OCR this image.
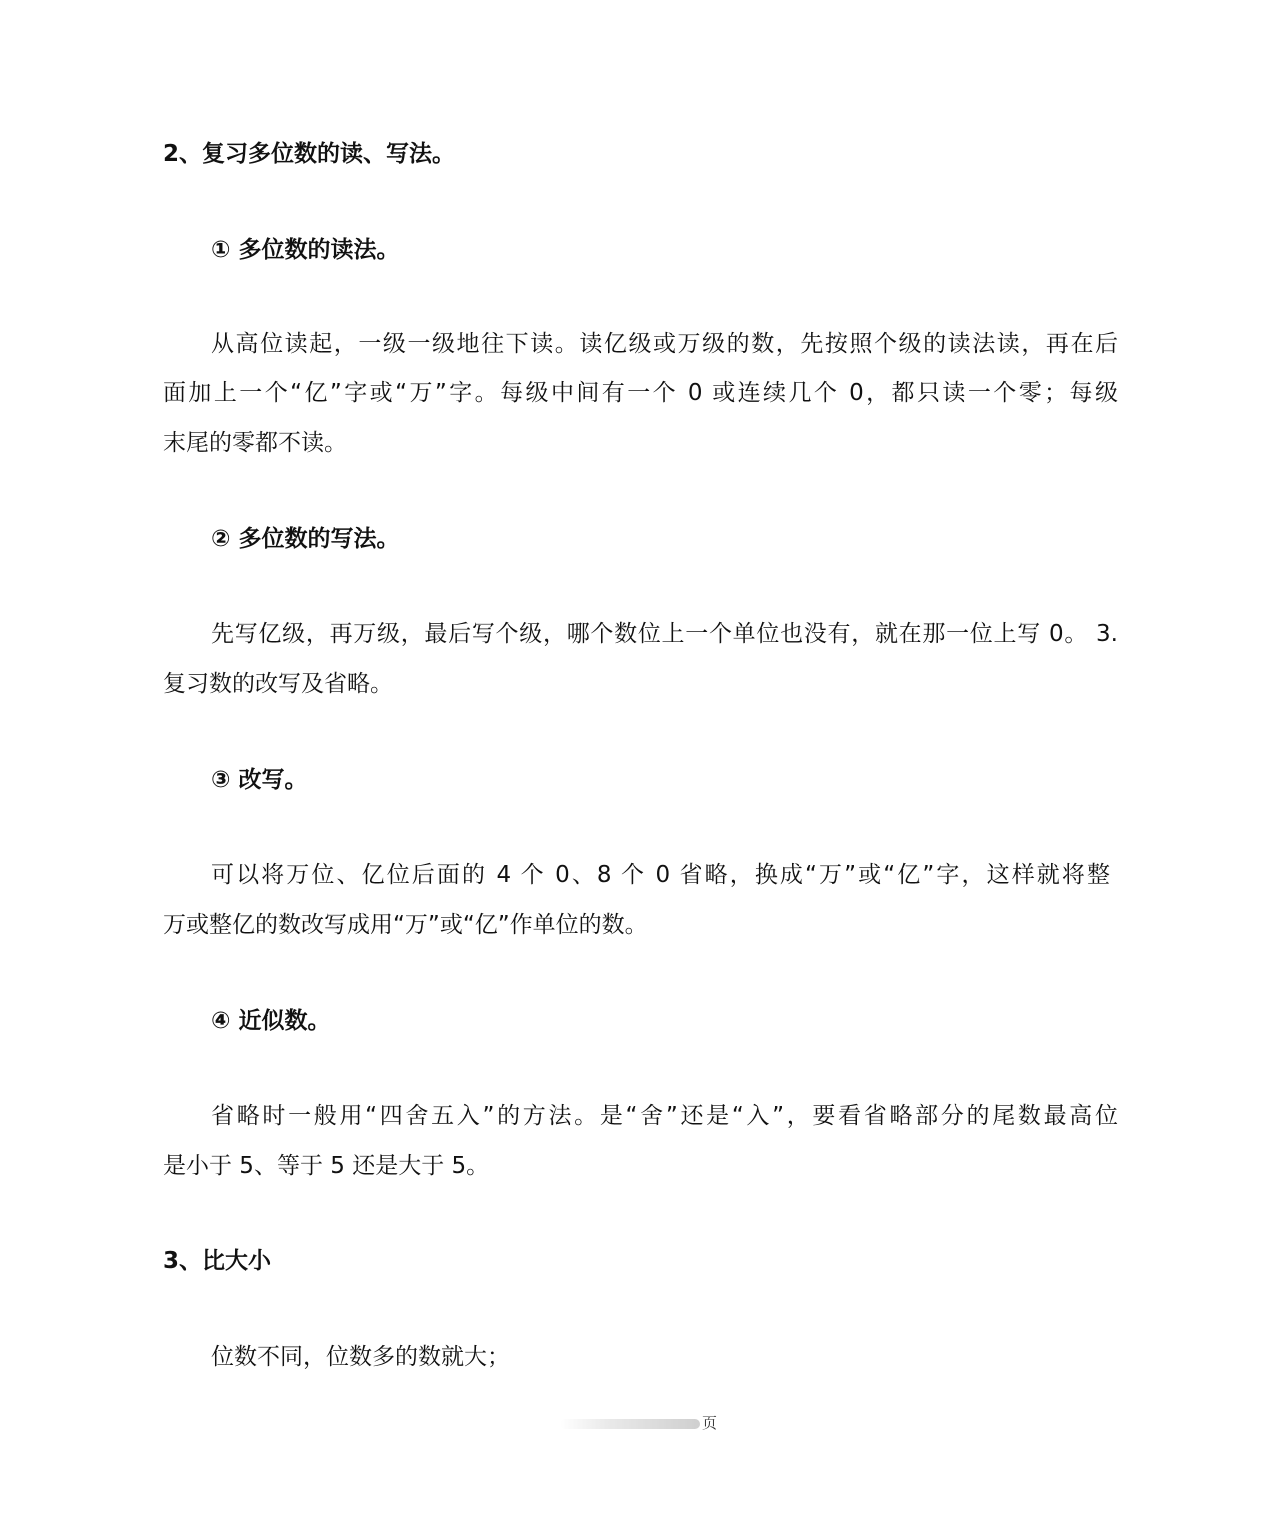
2、复习多位数的读、写法。
① 多位数的读法。
从高位读起，一级一级地往下读。读亿级或万级的数，先按照个级的读法读，再在后
面加上一个“亿”字或“万”字。每级中间有一个 0 或连续几个 0，都只读一个零；每级
末尾的零都不读。
② 多位数的写法。
先写亿级，再万级，最后写个级，哪个数位上一个单位也没有，就在那一位上写 0。 3.
复习数的改写及省略。
③ 改写。
可以将万位、亿位后面的 4 个 0、8 个 0 省略，换成“万”或“亿”字，这样就将整
万或整亿的数改写成用“万”或“亿”作单位的数。
④ 近似数。
省略时一般用“四舍五入”的方法。是“舍”还是“入”，要看省略部分的尾数最高位
是小于 5、等于 5 还是大于 5。
3、比大小
位数不同，位数多的数就大；
页
